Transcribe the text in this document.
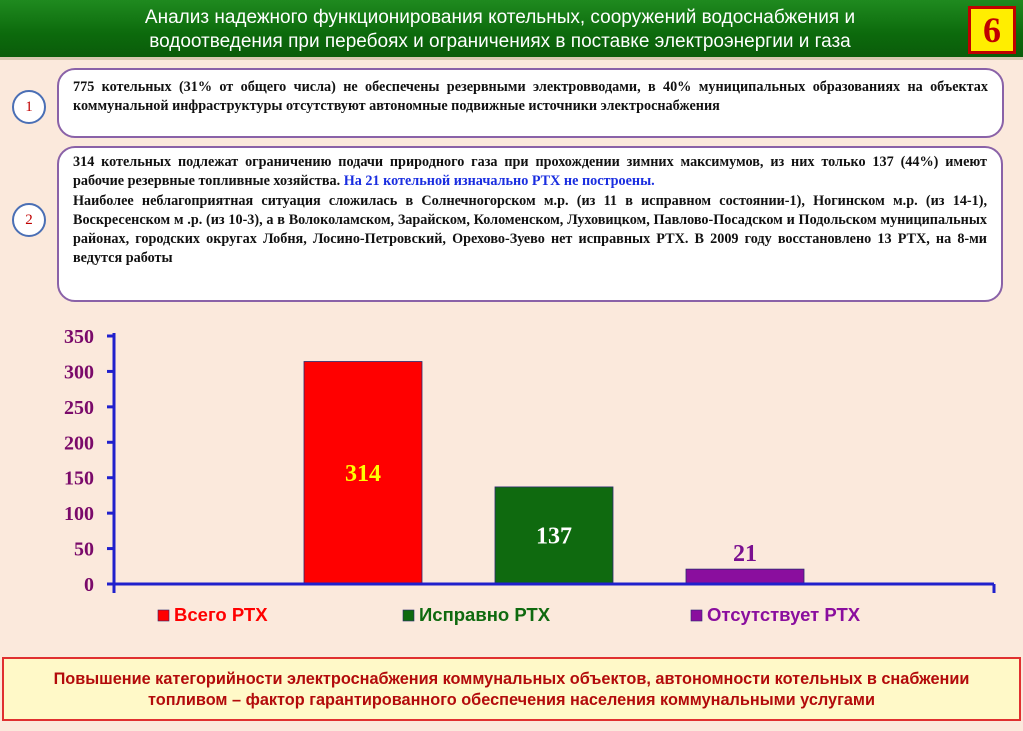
Анализ надежного функционирования котельных, сооружений водоснабжения и
водоотведения при перебоях и ограничениях в поставке электроэнергии и газа	6
1
775 котельных (31% от общего числа) не обеспечены резервными электровводами, в 40% муниципальных образованиях на объектах коммунальной инфраструктуры отсутствуют автономные подвижные источники электроснабжения
2
314 котельных подлежат ограничению подачи природного газа при прохождении зимних максимумов, из них только 137 (44%) имеют рабочие резервные топливные хозяйства. На 21 котельной изначально РТХ не построены.
Наиболее неблагоприятная ситуация сложилась в Солнечногорском м.р. (из 11 в исправном состоянии-1), Ногинском м.р. (из 14-1), Воскресенском м .р. (из 10-3), а в Волоколамском, Зарайском, Коломенском, Луховицком, Павлово-Посадском и Подольском муниципальных районах, городских округах Лобня, Лосино-Петровский, Орехово-Зуево нет исправных РТХ. В 2009 году восстановлено 13 РТХ, на 8-ми ведутся работы
0
50
100
150
200
250
300
350
314
137
21
Всего РТХ	Исправно РТХ	Отсутствует РТХ
Повышение категорийности электроснабжения коммунальных объектов, автономности котельных в снабжении
топливом – фактор гарантированного обеспечения населения коммунальными услугами
